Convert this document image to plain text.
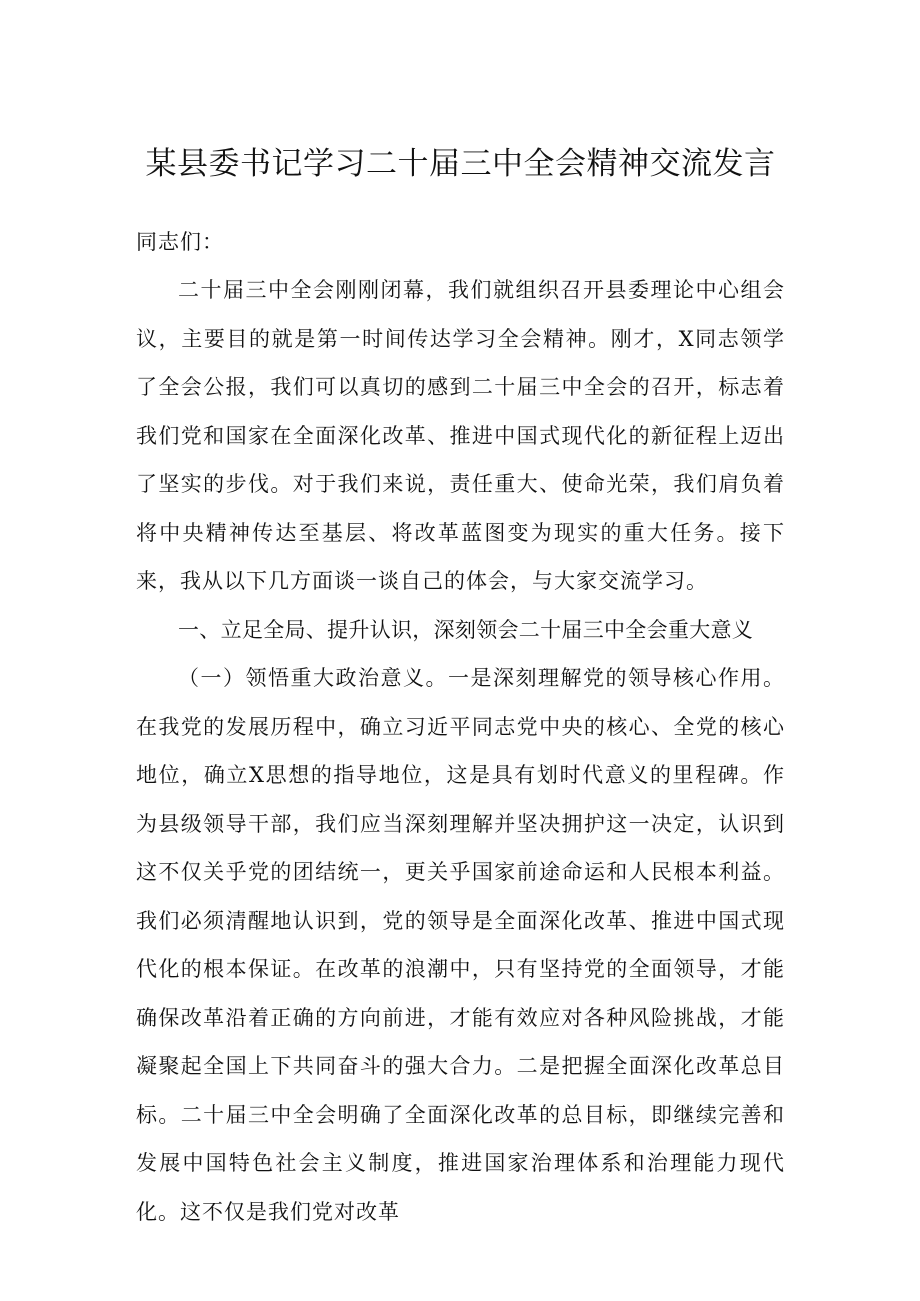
某县委书记学习二十届三中全会精神交流发言

同志们：

二十届三中全会刚刚闭幕，我们就组织召开县委理论中心组会议，主要目的就是第一时间传达学习全会精神。刚才，X同志领学了全会公报，我们可以真切的感到二十届三中全会的召开，标志着我们党和国家在全面深化改革、推进中国式现代化的新征程上迈出了坚实的步伐。对于我们来说，责任重大、使命光荣，我们肩负着将中央精神传达至基层、将改革蓝图变为现实的重大任务。接下来，我从以下几方面谈一谈自己的体会，与大家交流学习。

一、立足全局、提升认识，深刻领会二十届三中全会重大意义

（一）领悟重大政治意义。一是深刻理解党的领导核心作用。在我党的发展历程中，确立习近平同志党中央的核心、全党的核心地位，确立X思想的指导地位，这是具有划时代意义的里程碑。作为县级领导干部，我们应当深刻理解并坚决拥护这一决定，认识到这不仅关乎党的团结统一，更关乎国家前途命运和人民根本利益。我们必须清醒地认识到，党的领导是全面深化改革、推进中国式现代化的根本保证。在改革的浪潮中，只有坚持党的全面领导，才能确保改革沿着正确的方向前进，才能有效应对各种风险挑战，才能凝聚起全国上下共同奋斗的强大合力。二是把握全面深化改革总目标。二十届三中全会明确了全面深化改革的总目标，即继续完善和发展中国特色社会主义制度，推进国家治理体系和治理能力现代化。这不仅是我们党对改革
